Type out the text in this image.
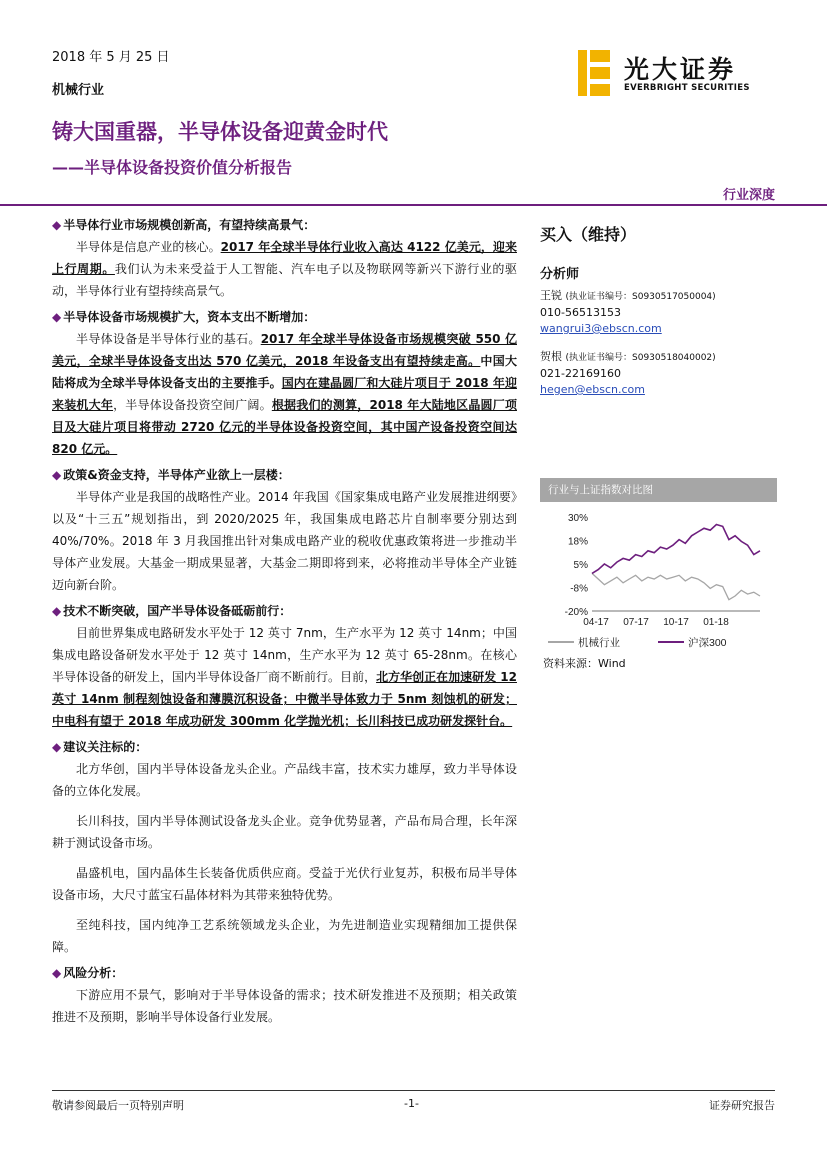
2018 年 5 月 25 日
机械行业
光大证券
EVERBRIGHT SECURITIES
铸大国重器，半导体设备迎黄金时代
——半导体设备投资价值分析报告
行业深度
◆ 半导体行业市场规模创新高，有望持续高景气：
半导体是信息产业的核心。2017 年全球半导体行业收入高达 4122 亿美元，迎来上行周期。我们认为未来受益于人工智能、汽车电子以及物联网等新兴下游行业的驱动，半导体行业有望持续高景气。
◆ 半导体设备市场规模扩大，资本支出不断增加：
半导体设备是半导体行业的基石。2017 年全球半导体设备市场规模突破 550 亿美元，全球半导体设备支出达 570 亿美元，2018 年设备支出有望持续走高。中国大陆将成为全球半导体设备支出的主要推手。国内在建晶圆厂和大硅片项目于 2018 年迎来装机大年，半导体设备投资空间广阔。根据我们的测算，2018 年大陆地区晶圆厂项目及大硅片项目将带动 2720 亿元的半导体设备投资空间，其中国产设备投资空间达 820 亿元。
◆ 政策&资金支持，半导体产业欲上一层楼：
半导体产业是我国的战略性产业。2014 年我国《国家集成电路产业发展推进纲要》以及“十三五”规划指出，到 2020/2025 年，我国集成电路芯片自制率要分别达到 40%/70%。2018 年 3 月我国推出针对集成电路产业的税收优惠政策将进一步推动半导体产业发展。大基金一期成果显著，大基金二期即将到来，必将推动半导体全产业链迈向新台阶。
◆ 技术不断突破，国产半导体设备砥砺前行：
目前世界集成电路研发水平处于 12 英寸 7nm，生产水平为 12 英寸 14nm；中国集成电路设备研发水平处于 12 英寸 14nm，生产水平为 12 英寸 65-28nm。在核心半导体设备的研发上，国内半导体设备厂商不断前行。目前，北方华创正在加速研发 12 英寸 14nm 制程刻蚀设备和薄膜沉积设备；中微半导体致力于 5nm 刻蚀机的研发；中电科有望于 2018 年成功研发 300mm 化学抛光机；长川科技已成功研发探针台。
◆ 建议关注标的：
北方华创，国内半导体设备龙头企业。产品线丰富，技术实力雄厚，致力半导体设备的立体化发展。
长川科技，国内半导体测试设备龙头企业。竞争优势显著，产品布局合理，长年深耕于测试设备市场。
晶盛机电，国内晶体生长装备优质供应商。受益于光伏行业复苏，积极布局半导体设备市场，大尺寸蓝宝石晶体材料为其带来独特优势。
至纯科技，国内纯净工艺系统领域龙头企业，为先进制造业实现精细加工提供保障。
◆ 风险分析：
下游应用不景气，影响对于半导体设备的需求；技术研发推进不及预期；相关政策推进不及预期，影响半导体设备行业发展。
买入（维持）
分析师
王锐 (执业证书编号：S0930517050004)
010-56513153
wangrui3@ebscn.com
贺根 (执业证书编号：S0930518040002)
021-22169160
hegen@ebscn.com
行业与上证指数对比图
30%
18%
5%
-8%
-20%
04-17 07-17 10-17 01-18
机械行业	沪深300
资料来源：Wind
敬请参阅最后一页特别声明	-1-	证券研究报告
